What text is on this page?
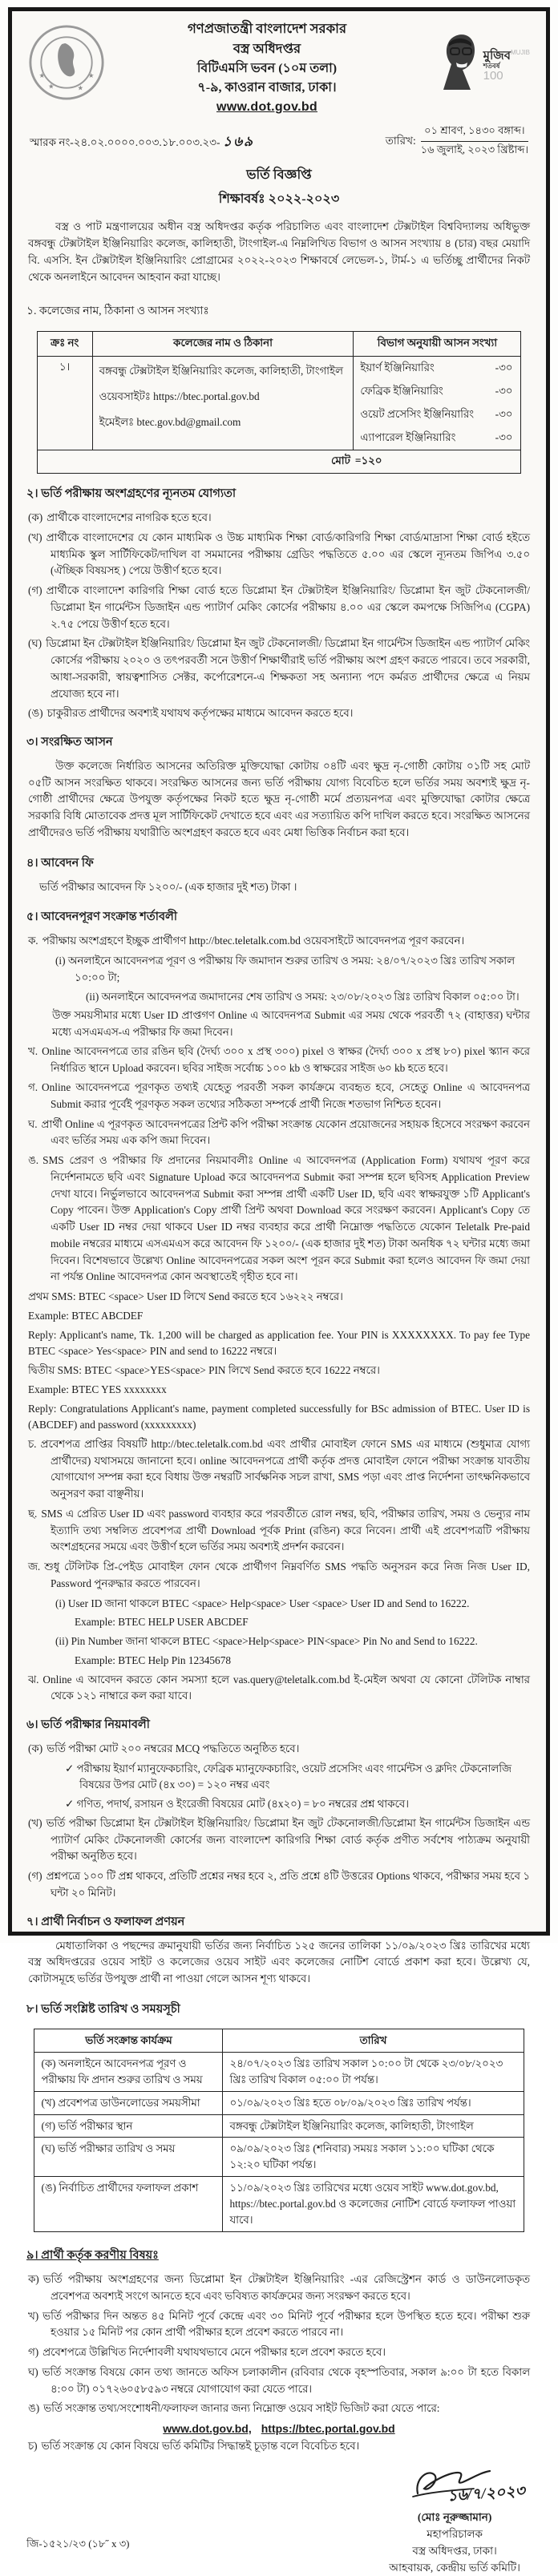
★	★
★	★
গণপ্রজাতন্ত্রী বাংলাদেশ সরকার
বস্ত্র অধিদপ্তর
বিটিএমসি ভবন (১০ম তলা)
৭-৯, কাওরান বাজার, ঢাকা।
www.dot.gov.bd
মুজিবMUJIB
শতবর্ষ
100
স্মারক নং-২৪.০২.০০০০.০০৩.১৮.০০৩.২৩- ১৬৯	তারিখ:
০১ শ্রাবণ, ১৪৩০ বঙ্গাব্দ।
১৬ জুলাই, ২০২৩ খ্রিষ্টাব্দ।
ভর্তি বিজ্ঞপ্তি
শিক্ষাবর্ষঃ ২০২২-২০২৩

বস্ত্র ও পাট মন্ত্রণালয়ের অধীন বস্ত্র অধিদপ্তর কর্তৃক পরিচালিত এবং বাংলাদেশ টেক্সটাইল বিশ্ববিদ্যালয় অধিভুক্ত বঙ্গবন্ধু টেক্সটাইল ইঞ্জিনিয়ারিং কলেজ, কালিহাতী, টাংগাইল-এ নিম্নলিখিত বিভাগ ও আসন সংখ্যায় ৪ (চার) বছর মেয়াদি বি. এসসি. ইন টেক্সটাইল ইঞ্জিনিয়ারিং প্রোগ্রামের ২০২২-২০২৩ শিক্ষাবর্ষে লেভেল-১, টার্ম-১ এ ভর্তিচ্ছু প্রার্থীদের নিকট থেকে অনলাইনে আবেদন আহবান করা যাচ্ছে।

১. কলেজের নাম, ঠিকানা ও আসন সংখ্যাঃ
ক্রঃ নং	কলেজের নাম ও ঠিকানা	বিভাগ অনুযায়ী আসন সংখ্যা
১।	বঙ্গবন্ধু টেক্সটাইল ইঞ্জিনিয়ারিং কলেজ, কালিহাতী, টাংগাইল
ওয়েবসাইটঃ https://btec.portal.gov.bd
ইমেইলঃ btec.gov.bd@gmail.com

ইয়ার্ণ ইঞ্জিনিয়ারিং	-৩০
ফেব্রিক ইঞ্জিনিয়ারিং	-৩০
ওয়েট প্রসেসিং ইঞ্জিনিয়ারিং -৩০
এ্যাপারেল ইঞ্জিনিয়ারিং	-৩০

মোট		=১২০
২। ভর্তি পরীক্ষায় অংশগ্রহণের ন্যূনতম যোগ্যতা
(ক) প্রার্থীকে বাংলাদেশের নাগরিক হতে হবে।
(খ) প্রার্থীকে বাংলাদেশের যে কোন মাধ্যমিক ও উচ্চ মাধ্যমিক শিক্ষা বোর্ড/কারিগরি শিক্ষা বোর্ড/মাদ্রাসা শিক্ষা বোর্ড হইতে মাধ্যমিক স্কুল সার্টিফিকেট/দাখিল বা সমমানের পরীক্ষায় গ্রেডিং পদ্ধতিতে ৫.০০ এর স্কেলে ন্যূনতম জিপিএ ৩.৫০ (ঐচ্ছিক বিষয়সহ ) পেয়ে উত্তীর্ণ হতে হবে।
(গ) প্রার্থীকে বাংলাদেশ কারিগরি শিক্ষা বোর্ড হতে ডিপ্লোমা ইন টেক্সটাইল ইঞ্জিনিয়ারিং/ ডিপ্লোমা ইন জুট টেকনোলজী/ ডিপ্লোমা ইন গার্মেন্টস ডিজাইন এন্ড প্যাটার্ণ মেকিং কোর্সের পরীক্ষায় ৪.০০ এর স্কেলে কমপক্ষে সিজিপিএ (CGPA) ২.৭৫ পেয়ে উত্তীর্ণ হতে হবে।
(ঘ) ডিপ্লোমা ইন টেক্সটাইল ইঞ্জিনিয়ারিং/ ডিপ্লোমা ইন জুট টেকনোলজী/ ডিপ্লোমা ইন গার্মেন্টস ডিজাইন এন্ড প্যাটার্ণ মেকিং কোর্সের পরীক্ষায় ২০২০ ও তৎপরবর্তী সনে উত্তীর্ণ শিক্ষার্থীরাই ভর্তি পরীক্ষায় অংশ গ্রহণ করতে পারবে। তবে সরকারী, আধা-সরকারী, স্বায়ত্বশাসিত সেক্টর, কর্পোরেশনে-এ শিক্ষকতা সহ অন্যান্য পদে কর্মরত প্রার্থীদের ক্ষেত্রে এ নিয়ম প্রযোজ্য হবে না।
(ঙ) চাকুরীরত প্রার্থীদের অবশ্যই যথাযথ কর্তৃপক্ষের মাধ্যমে আবেদন করতে হবে।
৩। সংরক্ষিত আসন

উক্ত কলেজে নির্ধারিত আসনের অতিরিক্ত মুক্তিযোদ্ধা কোটায় ০৪টি এবং ক্ষুদ্র নৃ-গোষ্ঠী কোটায় ০১টি সহ মোট ০৫টি আসন সংরক্ষিত থাকবে। সংরক্ষিত আসনের জন্য ভর্তি পরীক্ষায় যোগ্য বিবেচিত হলে ভর্তির সময় অবশ্যই ক্ষুদ্র নৃ-গোষ্ঠী প্রার্থীদের ক্ষেত্রে উপযুক্ত কর্তৃপক্ষের নিকট হতে ক্ষুদ্র নৃ-গোষ্ঠী মর্মে প্রত্যয়নপত্র এবং মুক্তিযোদ্ধা কোটার ক্ষেত্রে সরকারি বিধি মোতাবেক প্রদত্ত মূল সার্টিফিকেট দেখাতে হবে এবং এর সত্যায়িত কপি দাখিল করতে হবে। সংরক্ষিত আসনের প্রার্থীদেরও ভর্তি পরীক্ষায় যথারীতি অংশগ্রহণ করতে হবে এবং মেধা ভিত্তিক নির্বাচন করা হবে।

৪। আবেদন ফি

ভর্তি পরীক্ষার আবেদন ফি ১২০০/- (এক হাজার দুই শত) টাকা ।

৫। আবেদনপূরণ সংক্রান্ত শর্তাবলী
ক. পরীক্ষায় অংশগ্রহণে ইচ্ছুক প্রার্থীগণ http://btec.teletalk.com.bd ওয়েবসাইটে আবেদনপত্র পূরণ করবেন।
(i) অনলাইনে আবেদনপত্র পূরণ ও পরীক্ষায় ফি জমাদান শুরুর তারিখ ও সময়: ২৪/০৭/২০২৩ খ্রিঃ তারিখ সকাল ১০:০০ টা;
(ii) অনলাইনে আবেদনপত্র জমাদানের শেষ তারিখ ও সময়: ২৩/০৮/২০২৩ খ্রিঃ তারিখ বিকাল ০৫:০০ টা।
উক্ত সময়সীমার মধ্যে User ID প্রাপ্তগণ Online এ আবেদনপত্র Submit এর সময় থেকে পরবর্তী ৭২ (বাহাত্তর) ঘন্টার মধ্যে এসএমএস-এ পরীক্ষার ফি জমা দিবেন।
খ. Online আবেদনপত্রে তার রঙিন ছবি (দৈর্ঘ্য ৩০০ x প্রস্থ ৩০০) pixel ও স্বাক্ষর (দৈর্ঘ্য ৩০০ x প্রস্থ ৮০) pixel স্ক্যান করে নির্ধারিত স্থানে Upload করবেন। ছবির সাইজ সর্বোচ্চ ১০০ kb ও স্বাক্ষরের সাইজ ৬০ kb হতে হবে।
গ. Online আবেদনপত্রে পূরণকৃত তথ্যই যেহেতু পরবর্তী সকল কার্যক্রমে ব্যবহৃত হবে, সেহেতু Online এ আবেদনপত্র Submit করার পূর্বেই পূরণকৃত সকল তথ্যের সঠিকতা সম্পর্কে প্রার্থী নিজে শতভাগ নিশ্চিত হবেন।
ঘ. প্রার্থী Online এ পূরণকৃত আবেদনপত্রের প্রিন্ট কপি পরীক্ষা সংক্রান্ত যেকোন প্রয়োজনের সহায়ক হিসেবে সংরক্ষণ করবেন এবং ভর্তির সময় এক কপি জমা দিবেন।
ঙ. SMS প্রেরণ ও পরীক্ষার ফি প্রদানের নিয়মাবলীঃ Online এ আবেদনপত্র (Application Form) যথাযথ পূরণ করে নির্দেশনামতে ছবি এবং Signature Upload করে আবেদনপত্র Submit করা সম্পন্ন হলে ছবিসহ Application Preview দেখা যাবে। নির্ভুলভাবে আবেদনপত্র Submit করা সম্পন্ন প্রার্থী একটি User ID, ছবি এবং স্বাক্ষরযুক্ত ১টি Applicant's Copy পাবেন। উক্ত Application's Copy প্রার্থী প্রিন্ট অথবা Download করে সংরক্ষণ করবেন। Applicant's Copy তে একটি User ID নম্বর দেয়া থাকবে User ID নম্বর ব্যবহার করে প্রার্থী নিম্নোক্ত পদ্ধতিতে যেকোন Teletalk Pre-paid mobile নম্বরের মাধ্যমে এসএমএস করে আবেদন ফি ১২০০/- (এক হাজার দুই শত) টাকা অনধিক ৭২ ঘন্টার মধ্যে জমা দিবেন। বিশেষভাবে উল্লেখ্য Online আবেদনপত্রের সকল অংশ পূরন করে Submit করা হলেও আবেদন ফি জমা দেয়া না পর্যন্ত Online আবেদনপত্র কোন অবস্থাতেই গৃহীত হবে না।
প্রথম SMS: BTEC <space> User ID লিখে Send করতে হবে ১৬২২২ নম্বরে।
Example: BTEC ABCDEF
Reply: Applicant's name, Tk. 1,200 will be charged as application fee. Your PIN is XXXXXXXX. To pay fee Type BTEC <space> Yes<space> PIN and send to 16222 নম্বরে।
দ্বিতীয় SMS: BTEC <space>YES<space> PIN লিখে Send করতে হবে 16222 নম্বরে।
Example: BTEC YES xxxxxxxx
Reply: Congratulations Applicant's name, payment completed successfully for BSc admission of BTEC. User ID is (ABCDEF) and password (xxxxxxxxx)
চ. প্রবেশপত্র প্রাপ্তির বিষয়টি http://btec.teletalk.com.bd এবং প্রার্থীর মোবাইল ফোনে SMS এর মাধ্যমে (শুধুমাত্র যোগ্য প্রার্থীদের) যথাসময়ে জানানো হবে। online আবেদনপত্রে প্রার্থী কর্তৃক প্রদত্ত মোবাইল ফোনে পরীক্ষা সংক্রান্ত যাবতীয় যোগাযোগ সম্পন্ন করা হবে বিধায় উক্ত নম্বরটি সার্বক্ষনিক সচল রাখা, SMS পড়া এবং প্রাপ্ত নির্দেশনা তাৎক্ষনিকভাবে অনুসরণ করা বাঞ্ছনীয়।
ছ. SMS এ প্রেরিত User ID এবং password ব্যবহার করে পরবর্তীতে রোল নম্বর, ছবি, পরীক্ষার তারিখ, সময় ও ভেন্যুর নাম ইত্যাদি তথ্য সম্বলিত প্রবেশপত্র প্রার্থী Download পূর্বক Print (রঙিন) করে নিবেন। প্রার্থী এই প্রবেশপত্রটি পরীক্ষায় অংশগ্রহনের সময়ে এবং উত্তীর্ণ হলে ভর্তির সময় অবশ্যই প্রদর্শন করবেন।
জ. শুধু টেলিটক প্রি-পেইড মোবাইল ফোন থেকে প্রার্থীগণ নিম্নবর্ণিত SMS পদ্ধতি অনুসরন করে নিজ নিজ User ID, Password পুনরুদ্ধার করতে পারবেন।
(i) User ID জানা থাকলে BTEC <space> Help<space> User <space> User ID and Send to 16222.
Example: BTEC HELP USER ABCDEF
(ii) Pin Number জানা থাকলে BTEC <space>Help<space> PIN<space> Pin No and Send to 16222.
Example: BTEC Help Pin 12345678
ঝ. Online এ আবেদন করতে কোন সমস্যা হলে vas.query@teletalk.com.bd ই-মেইল অথবা যে কোনো টেলিটক নাম্বার থেকে ১২১ নাম্বারে কল করা যাবে।
৬। ভর্তি পরীক্ষার নিয়মাবলী
(ক) ভর্তি পরীক্ষা মোট ২০০ নম্বরের MCQ পদ্ধতিতে অনুষ্ঠিত হবে।
✓ পরীক্ষায় ইয়ার্ণ ম্যানুফেকচারিং, ফেব্রিক ম্যানুফেকচারিং, ওয়েট প্রসেসিং এবং গার্মেন্টস ও ক্লদিং টেকনোলজি বিষয়ের উপর মোট (৪x ৩০) = ১২০ নম্বর এবং
✓ গণিত, পদার্থ, রসায়ন ও ইংরেজী বিষয়ের মোট (৪x২০) = ৮০ নম্বরের প্রশ্ন থাকবে।
(খ) ভর্তি পরীক্ষা ডিপ্লোমা ইন টেক্সটাইল ইঞ্জিনিয়ারিং/ ডিপ্লোমা ইন জুট টেকনোলজী/ডিপ্লোমা ইন গার্মেন্টস ডিজাইন এন্ড প্যাটার্ণ মেকিং টেকনোলজী কোর্সের জন্য বাংলাদেশ কারিগরি শিক্ষা বোর্ড কর্তৃক প্রণীত সর্বশেষ পাঠ্যক্রম অনুযায়ী পরীক্ষা অনুষ্ঠিত হবে।
(গ) প্রশ্নপত্রে ১০০ টি প্রশ্ন থাকবে, প্রতিটি প্রশ্নের নম্বর হবে ২, প্রতি প্রশ্নে ৪টি উত্তরের Options থাকবে, পরীক্ষার সময় হবে ১ ঘন্টা ২০ মিনিট।
৭। প্রার্থী নির্বাচন ও ফলাফল প্রণয়ন

মেধাতালিকা ও পছন্দের ক্রমানুযায়ী ভর্তির জন্য নির্বাচিত ১২৫ জনের তালিকা ১১/০৯/২০২৩ খ্রিঃ তারিখের মধ্যে বস্ত্র অধিদপ্তরের ওয়েব সাইট ও কলেজের ওয়েব সাইট এবং কলেজের নোটিশ বোর্ডে প্রকাশ করা হবে। উল্লেখ্য যে, কোটাসমূহে ভর্তির উপযুক্ত প্রার্থী না পাওয়া গেলে আসন শূণ্য থাকবে।

৮। ভর্তি সংশ্লিষ্ট তারিখ ও সময়সূচী
ভর্তি সংক্রান্ত কার্যক্রম	তারিখ
(ক) অনলাইনে আবেদনপত্র পূরণ ও পরীক্ষায় ফি প্রদান শুরুর তারিখ ও সময়	২৪/০৭/২০২৩ খ্রিঃ তারিখ সকাল ১০:০০ টা থেকে ২৩/০৮/২০২৩ খ্রিঃ তারিখ বিকাল ০৫:০০ টা পর্যন্ত।
(খ) প্রবেশপত্র ডাউনলোডের সময়সীমা	০১/০৯/২০২৩ খ্রিঃ হতে ০৮/০৯/২০২৩ খ্রিঃ তারিখ পর্যন্ত।
(গ) ভর্তি পরীক্ষার স্থান	বঙ্গবন্ধু টেক্সটাইল ইঞ্জিনিয়ারিং কলেজ, কালিহাতী, টাংগাইল
(ঘ) ভর্তি পরীক্ষার তারিখ ও সময়	০৯/০৯/২০২৩ খ্রিঃ (শনিবার) সময়ঃ সকাল ১১:০০ ঘটিকা থেকে ১২:২০ ঘটিকা পর্যন্ত।
(ঙ) নির্বাচিত প্রার্থীদের ফলাফল প্রকাশ	১১/০৯/২০২৩ খ্রিঃ তারিখের মধ্যে ওয়েব সাইট www.dot.gov.bd, https://btec.portal.gov.bd ও কলেজের নোটিশ বোর্ডে ফলাফল পাওয়া যাবে।
৯। প্রার্থী কর্তৃক করণীয় বিষয়ঃ
ক) ভর্তি পরীক্ষায় অংশগ্রহণের জন্য ডিপ্লোমা ইন টেক্সটাইল ইঞ্জিনিয়ারিং -এর রেজিস্ট্রেশন কার্ড ও ডাউনলোডকৃত প্রবেশপত্র অবশ্যই সংগে আনতে হবে এবং ভবিষ্যত কার্যক্রমের জন্য সংরক্ষণ করতে হবে।
খ) ভর্তি পরীক্ষার দিন অন্তত ৪৫ মিনিট পূর্বে কেন্দ্রে এবং ৩০ মিনিট পূর্বে পরীক্ষার হলে উপস্থিত হতে হবে। পরীক্ষা শুরু হওয়ার ১৫ মিনিট পর কোন প্রার্থী পরীক্ষার হলে প্রবেশ করতে পারবে না।
গ) প্রবেশপত্রে উল্লিখিত নির্দেশাবলী যথাযথভাবে মেনে পরীক্ষার হলে প্রবেশ করতে হবে।
ঘ) ভর্তি সংক্রান্ত বিষয়ে কোন তথ্য জানতে অফিস চলাকালীন (রবিবার থেকে বৃহস্পতিবার, সকাল ৯:০০ টা হতে বিকাল ৪:০০ টা) ০১৭২৬০৫৮৫৯৩ নম্বরে যোগাযোগ করা যেতে পারে।
ঙ) ভর্তি সংক্রান্ত তথ্য/সংশোধনী/ফলাফল জানার জন্য নিম্নোক্ত ওয়েব সাইট ভিজিট করা যেতে পারে:
www.dot.gov.bd, https://btec.portal.gov.bd
চ) ভর্তি সংক্রান্ত যে কোন বিষয়ে ভর্তি কমিটির সিদ্ধান্তই চূড়ান্ত বলে বিবেচিত হবে।
জি-১৫২১/২৩ (১৮˝ x ৩)
১৬/৭/২০২৩
(মোঃ নূরুজ্জামান)
মহাপরিচালক
বস্ত্র অধিদপ্তর, ঢাকা।
আহবায়ক, কেন্দ্রীয় ভর্তি কমিটি।
